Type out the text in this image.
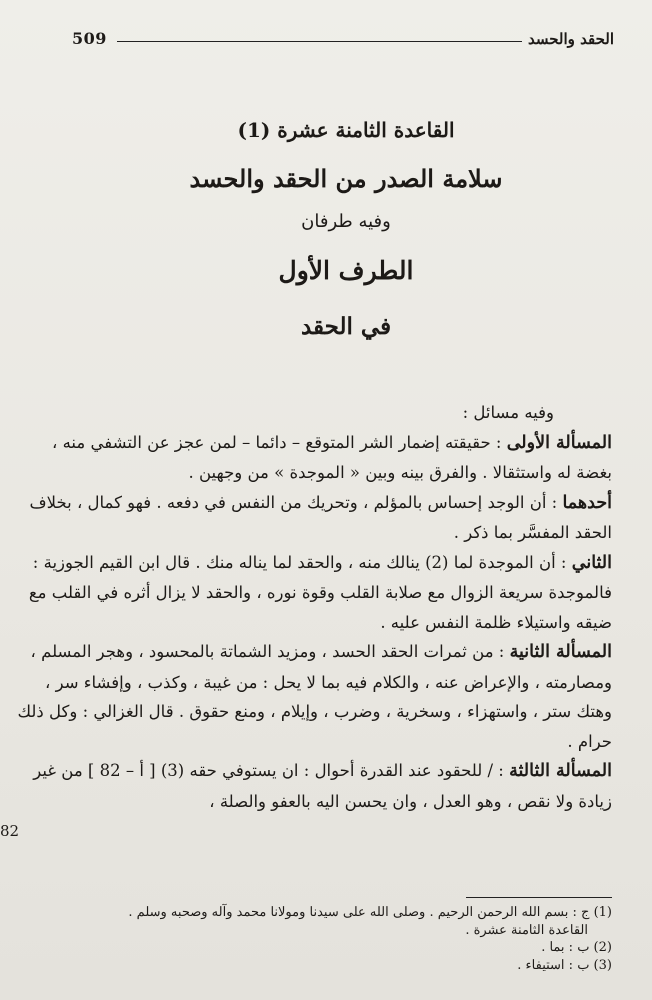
509	الحقد والحسد

القاعدة الثامنة عشرة (1)

سلامة الصدر من الحقد والحسد

وفيه طرفان

الطرف الأول

في الحقد

وفيه مسائل :

المسألة الأولى : حقيقته إضمار الشر المتوقع – دائما – لمن عجز عن التشفي منه ، بغضة له واستثقالا . والفرق بينه وبين « الموجدة » من وجهين .

أحدهما : أن الوجد إحساس بالمؤلم ، وتحريك من النفس في دفعه . فهو كمال ، بخلاف الحقد المفسَّر بما ذكر .

الثاني : أن الموجدة لما (2) ينالك منه ، والحقد لما يناله منك . قال ابن القيم الجوزية : فالموجدة سريعة الزوال مع صلابة القلب وقوة نوره ، والحقد لا يزال أثره في القلب مع ضيقه واستيلاء ظلمة النفس عليه .

المسألة الثانية : من ثمرات الحقد الحسد ، ومزيد الشماتة بالمحسود ، وهجر المسلم ، ومصارمته ، والإعراض عنه ، والكلام فيه بما لا يحل : من غيبة ، وكذب ، وإفشاء سر ، وهتك ستر ، واستهزاء ، وسخرية ، وضرب ، وإيلام ، ومنع حقوق . قال الغزالي : وكل ذلك حرام .

المسألة الثالثة : / للحقود عند القدرة أحوال : ان يستوفي حقه (3) [ أ – 82 ] من غير زيادة ولا نقص ، وهو العدل ، وان يحسن اليه بالعفو والصلة ،

82

(1) ج : بسم الله الرحمن الرحيم . وصلى الله على سيدنا ومولانا محمد وآله وصحبه وسلم .

القاعدة الثامنة عشرة .

(2) ب : بما .

(3) ب : استيفاء .
